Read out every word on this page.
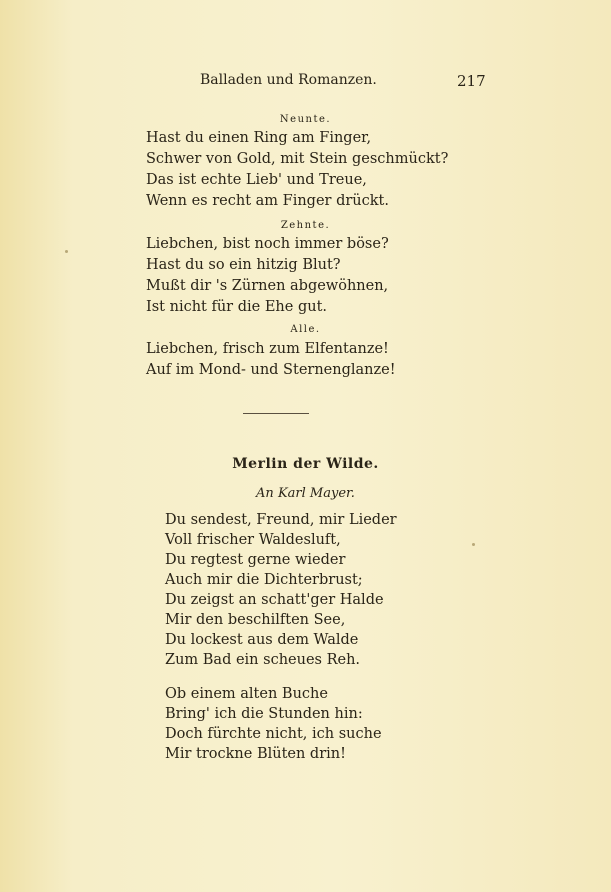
Balladen und Romanzen.	217
Neunte.
Hast du einen Ring am Finger,
Schwer von Gold, mit Stein geschmückt?
Das ist echte Lieb' und Treue,
Wenn es recht am Finger drückt.
Zehnte.
Liebchen, bist noch immer böse?
Hast du so ein hitzig Blut?
Mußt dir 's Zürnen abgewöhnen,
Ist nicht für die Ehe gut.
Alle.
Liebchen, frisch zum Elfentanze!
Auf im Mond- und Sternenglanze!
Merlin der Wilde.
An Karl Mayer.
Du sendest, Freund, mir Lieder
Voll frischer Waldesluft,
Du regtest gerne wieder
Auch mir die Dichterbrust;
Du zeigst an schatt'ger Halde
Mir den beschilften See,
Du lockest aus dem Walde
Zum Bad ein scheues Reh.
Ob einem alten Buche
Bring' ich die Stunden hin:
Doch fürchte nicht, ich suche
Mir trockne Blüten drin!
